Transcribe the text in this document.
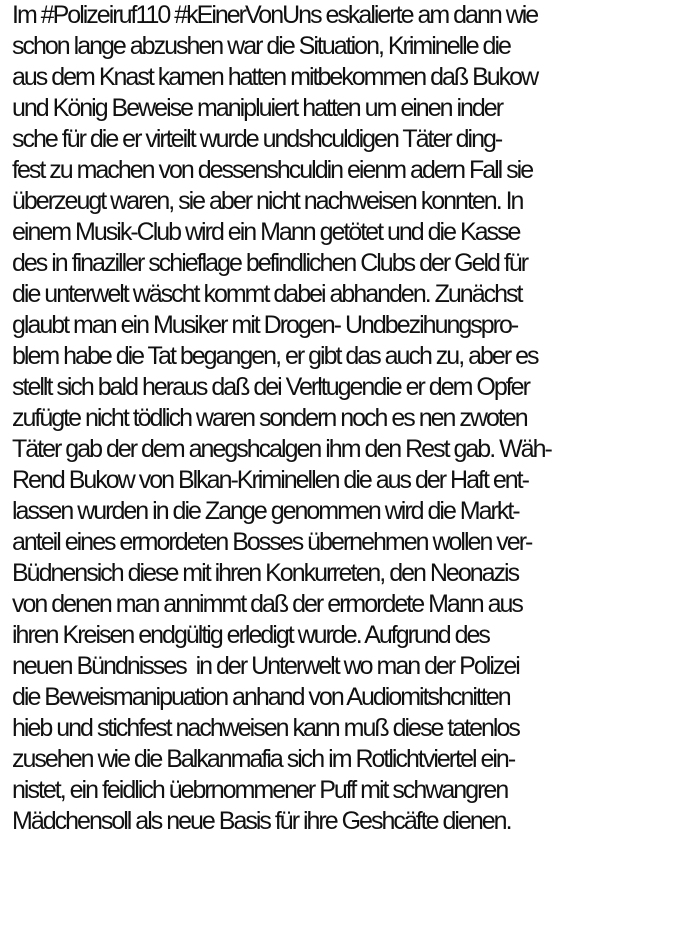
Im #Polizeiruf110 #kEinerVonUns eskalierte am dann wie
schon lange abzushen war die Situation, Kriminelle die
aus dem Knast kamen hatten mitbekommen daß Bukow
und König Beweise manipluiert hatten um einen inder
sche für die er virteilt wurde undshculdigen Täter ding-
fest zu machen von dessenshculdin eienm adern Fall sie
überzeugt waren, sie aber nicht nachweisen konnten. In
einem Musik-Club wird ein Mann getötet und die Kasse
des in finaziller schieflage befindlichen Clubs der Geld für
die unterwelt wäscht kommt dabei abhanden. Zunächst
glaubt man ein Musiker mit Drogen- Undbezihungspro-
blem habe die Tat begangen, er gibt das auch zu, aber es
stellt sich bald heraus daß dei Verltugendie er dem Opfer
zufügte nicht tödlich waren sondern noch es nen zwoten
Täter gab der dem anegshcalgen ihm den Rest gab. Wäh-
Rend Bukow von Blkan-Kriminellen die aus der Haft ent-
lassen wurden in die Zange genommen wird die Markt-
anteil eines ermordeten Bosses übernehmen wollen ver-
Büdnensich diese mit ihren Konkurreten, den Neonazis
von denen man annimmt daß der ermordete Mann aus
ihren Kreisen endgültig erledigt wurde. Aufgrund des
neuen Bündnisses  in der Unterwelt wo man der Polizei
die Beweismanipuation anhand von Audiomitshcnitten
hieb und stichfest nachweisen kann muß diese tatenlos
zusehen wie die Balkanmafia sich im Rotlichtviertel ein-
nistet, ein feidlich üebrnommener Puff mit schwangren
Mädchensoll als neue Basis für ihre Geshcäfte dienen.
